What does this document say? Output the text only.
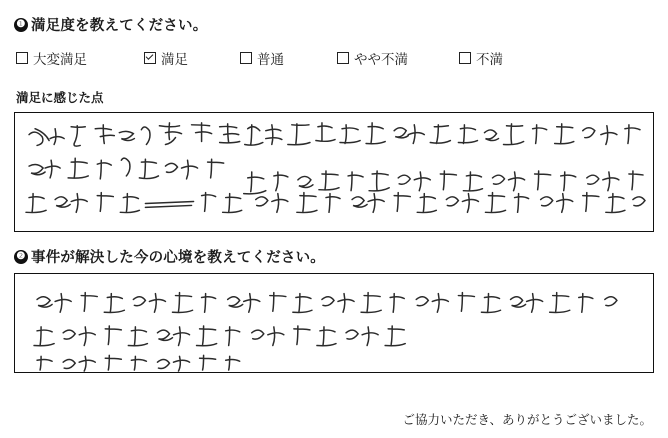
❶ 満足度を教えてください。
大変満足	満足	普通	やや不満	不満
満足に感じた点
❷ 事件が解決した今の心境を教えてください。
ご協力いただき、ありがとうございました。
